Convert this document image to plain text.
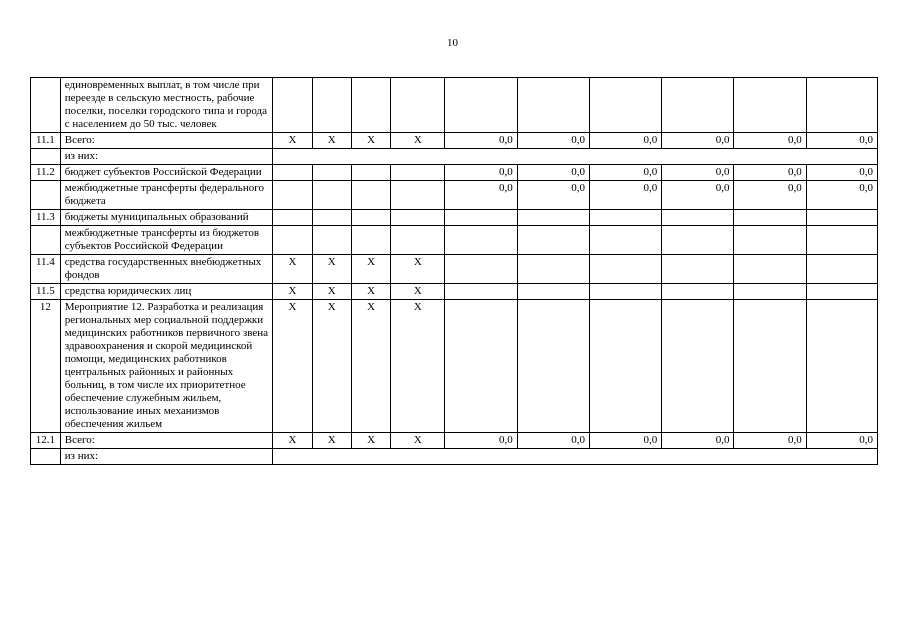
10
	единовременных выплат, в том числе при переезде в сельскую местность, рабочие поселки, поселки городского типа и города с населением до 50 тыс. человек										
11.1	Всего:	X	X	X	X	0,0	0,0	0,0	0,0	0,0	0,0
	из них:										
11.2	бюджет субъектов Российской Федерации					0,0	0,0	0,0	0,0	0,0	0,0
	межбюджетные трансферты федерального бюджета					0,0	0,0	0,0	0,0	0,0	0,0
11.3	бюджеты муниципальных образований										
	межбюджетные трансферты из бюджетов субъектов Российской Федерации										
11.4	средства государственных внебюджетных фондов	X	X	X	X						
11.5	средства юридических лиц	X	X	X	X						
12	Мероприятие 12. Разработка и реализация региональных мер социальной поддержки медицинских работников первичного звена здравоохранения и скорой медицинской помощи, медицинских работников центральных районных и районных больниц, в том числе их приоритетное обеспечение служебным жильем, использование иных механизмов обеспечения жильем	X	X	X	X						
12.1	Всего:	X	X	X	X	0,0	0,0	0,0	0,0	0,0	0,0
	из них:										
